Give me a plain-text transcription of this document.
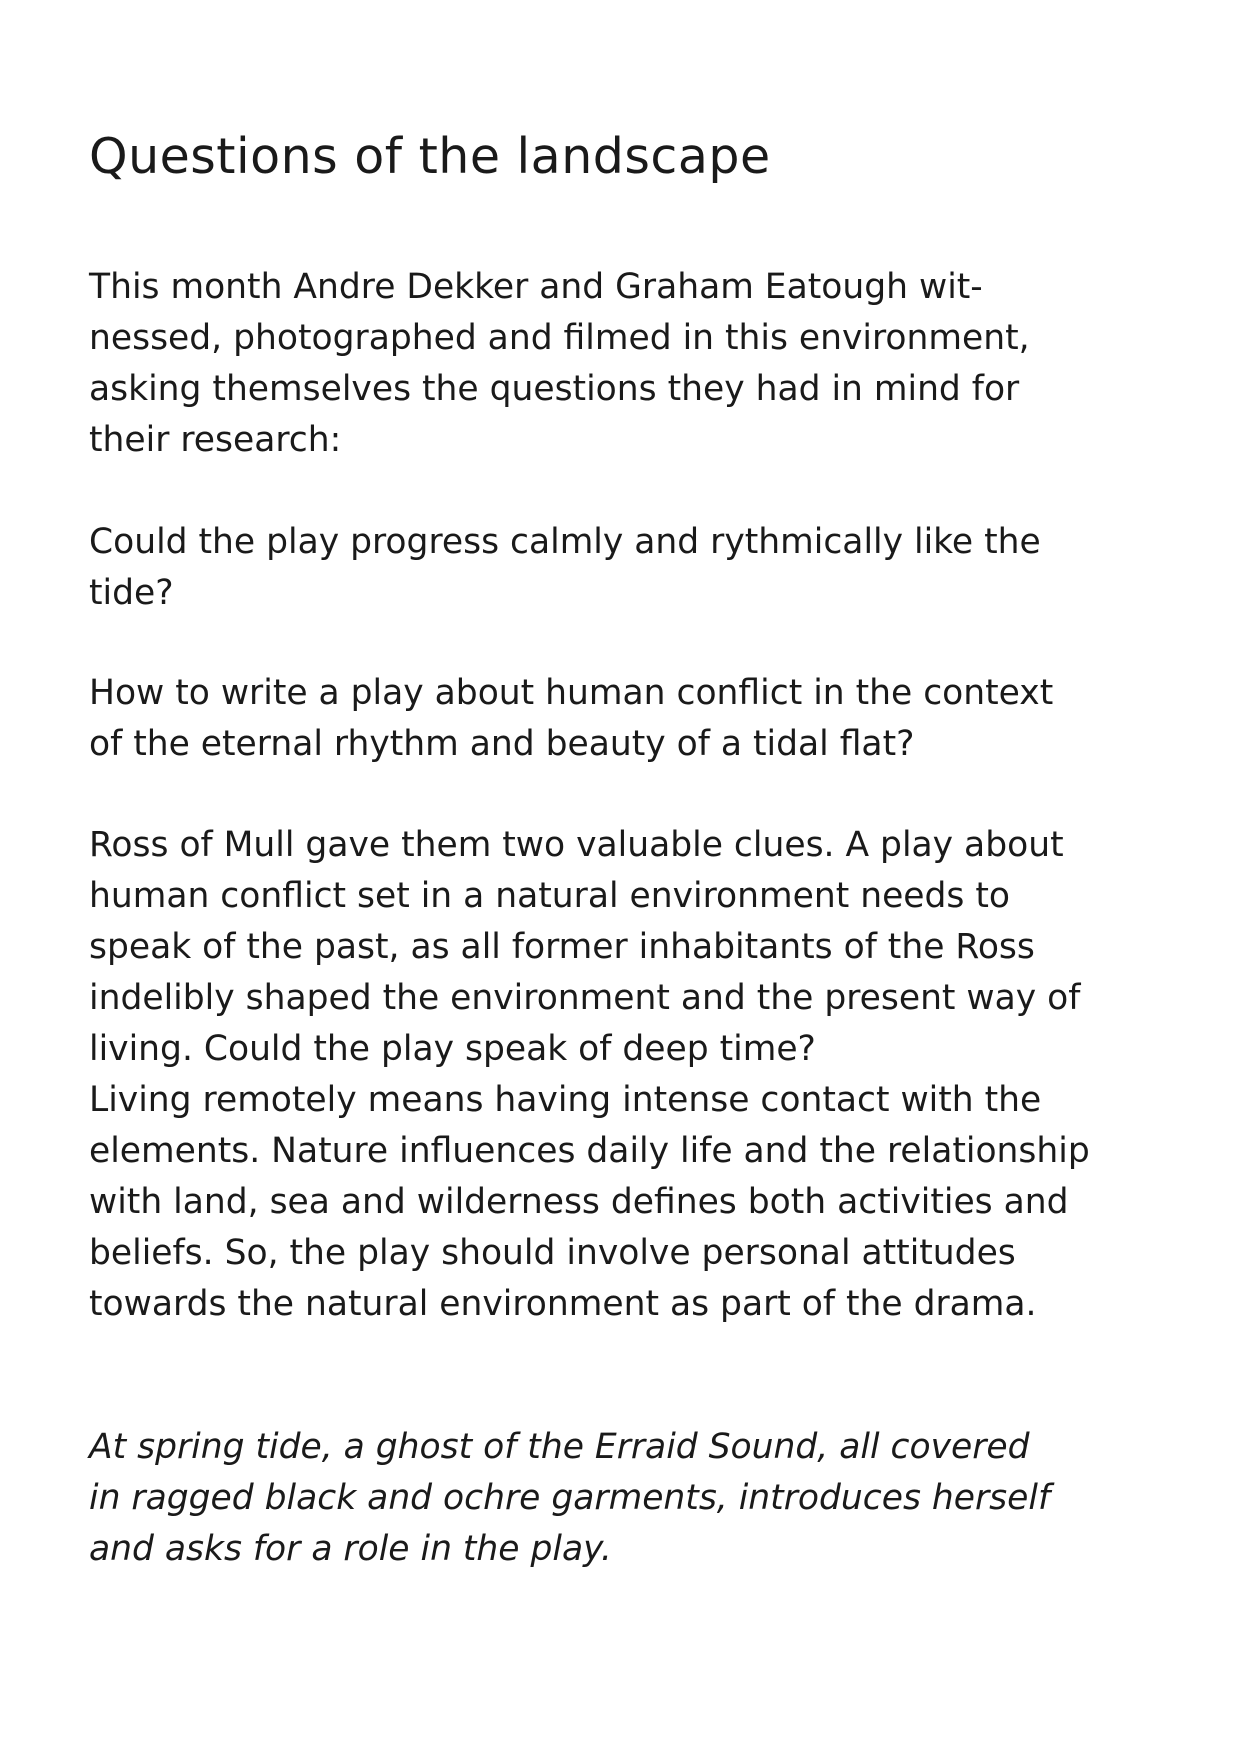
Questions of the landscape

This month Andre Dekker and Graham Eatough wit-
nessed, photographed and filmed in this environment,
asking themselves the questions they had in mind for
their research:

Could the play progress calmly and rythmically like the
tide?

How to write a play about human conflict in the context
of the eternal rhythm and beauty of a tidal flat?

Ross of Mull gave them two valuable clues. A play about
human conflict set in a natural environment needs to
speak of the past, as all former inhabitants of the Ross
indelibly shaped the environment and the present way of
living. Could the play speak of deep time?
Living remotely means having intense contact with the
elements. Nature influences daily life and the relationship
with land, sea and wilderness defines both activities and
beliefs. So, the play should involve personal attitudes
towards the natural environment as part of the drama.

At spring tide, a ghost of the Erraid Sound, all covered
in ragged black and ochre garments, introduces herself
and asks for a role in the play.
